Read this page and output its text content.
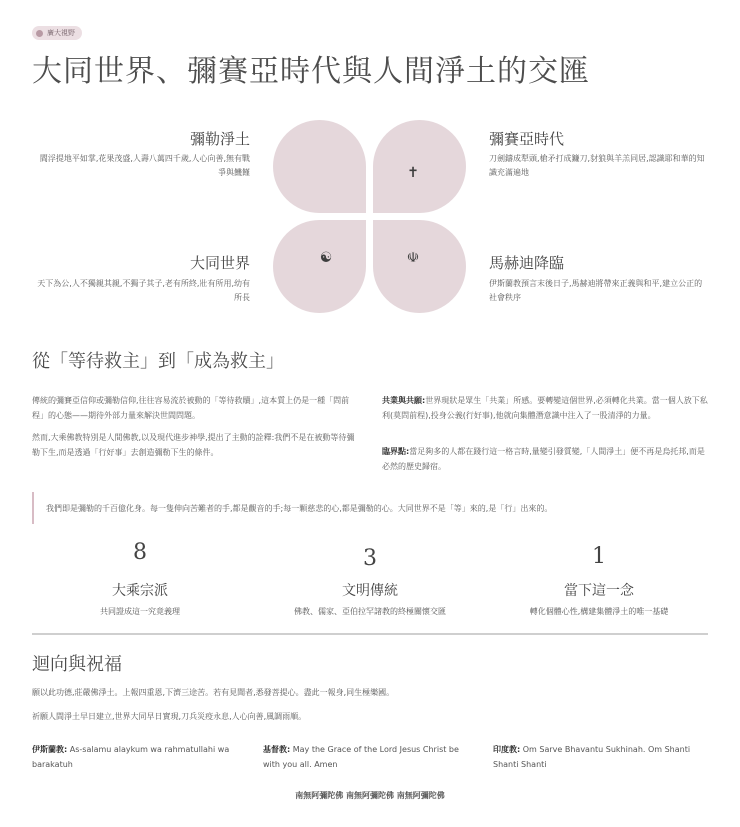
廣大視野
大同世界、彌賽亞時代與人間淨土的交匯
✝
☯	☫
彌勒淨土
閻浮提地平如掌,花果茂盛,人壽八萬四千歲,人心向善,無有戰爭與饑饉
彌賽亞時代
刀劍鑄成犁頭,槍矛打成鐮刀,豺狼與羊羔同居,認識耶和華的知識充滿遍地
大同世界
天下為公,人不獨親其親,不獨子其子,老有所終,壯有所用,幼有所長
馬赫迪降臨
伊斯蘭教預言末後日子,馬赫迪將帶來正義與和平,建立公正的社會秩序
從「等待救主」到「成為救主」
傳統的彌賽亞信仰或彌勒信仰,往往容易流於被動的「等待救贖」,這本質上仍是一種「問前程」的心態——期待外部力量來解決世間問題。
然而,大乘佛教特別是人間佛教,以及現代進步神學,提出了主動的詮釋:我們不是在被動等待彌勒下生,而是透過「行好事」去創造彌勒下生的條件。
共業與共願:世界現狀是眾生「共業」所感。要轉變這個世界,必須轉化共業。當一個人放下私利(莫問前程),投身公義(行好事),他就向集體潛意識中注入了一股清淨的力量。
臨界點:當足夠多的人都在踐行這一格言時,量變引發質變,「人間淨土」便不再是烏托邦,而是必然的歷史歸宿。
我們即是彌勒的千百億化身。每一隻伸向苦難者的手,都是觀音的手;每一顆慈悲的心,都是彌勒的心。大同世界不是「等」來的,是「行」出來的。
8	3	1
大乘宗派	文明傳統	當下這一念
共同證成這一究竟義理	佛教、儒家、亞伯拉罕諸教的終極關懷交匯	轉化個體心性,構建集體淨土的唯一基礎
迴向與祝福
願以此功德,莊嚴佛淨土。上報四重恩,下濟三途苦。若有見聞者,悉發菩提心。盡此一報身,同生極樂國。
祈願人間淨土早日建立,世界大同早日實現,刀兵災疫永息,人心向善,風調雨順。
伊斯蘭教: As-salamu alaykum wa rahmatullahi wa barakatuh
基督教: May the Grace of the Lord Jesus Christ be with you all. Amen
印度教: Om Sarve Bhavantu Sukhinah. Om Shanti Shanti Shanti
南無阿彌陀佛 南無阿彌陀佛 南無阿彌陀佛
